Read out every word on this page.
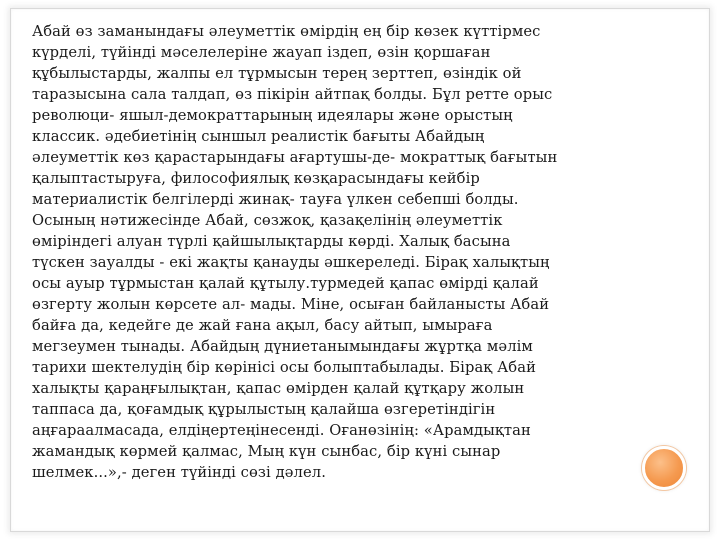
Абай өз заманындағы әлеуметтік өмірдің ең бір көзек күттірмес
күрделі, түйінді мәселелеріне жауап іздеп, өзін қоршаған
құбылыстарды, жалпы ел тұрмысын терең зерттеп, өзіндік ой
таразысына сала талдап, өз пікірін айтпақ болды. Бұл ретте орыс
революци- яшыл-демократтарының идеялары және орыстың
классик. әдебиетінің сыншыл реалистік бағыты Абайдың
әлеуметтік көз қарастарындағы ағартушы-де- мократтық бағытын
қалыптастыруға, философиялық көзқарасындағы кейбір
материалистік белгілерді жинақ- тауға үлкен себепші болды.
Осының нәтижесінде Абай, сөзжоқ, қазақелінің әлеуметтік
өміріндегі алуан түрлі қайшылықтарды көрді. Халық басына
түскен зауалды - екі жақты қанауды әшкереледі. Бірақ халықтың
осы ауыр тұрмыстан қалай құтылу.турмедей қапас өмірді қалай
өзгерту жолын көрсете ал- мады. Міне, осыған байланысты Абай
байға да, кедейге де жай ғана ақыл, басу айтып, ымыраға
мегзеумен тынады. Абайдың дүниетанымындағы жұртқа мәлім
тарихи шектелудің бір көрінісі осы болыптабылады. Бірақ Абай
халықты қараңғылықтан, қапас өмірден қалай құтқару жолын
таппаса да, қоғамдық құрылыстың қалайша өзгеретіндігін
аңғараалмасада, елдіңертеңінесенді. Оғанөзінің: «Арамдықтан
жамандық көрмей қалмас, Мың күн сынбас, бір күні сынар
шелмек...»,- деген түйінді сөзі дәлел.
